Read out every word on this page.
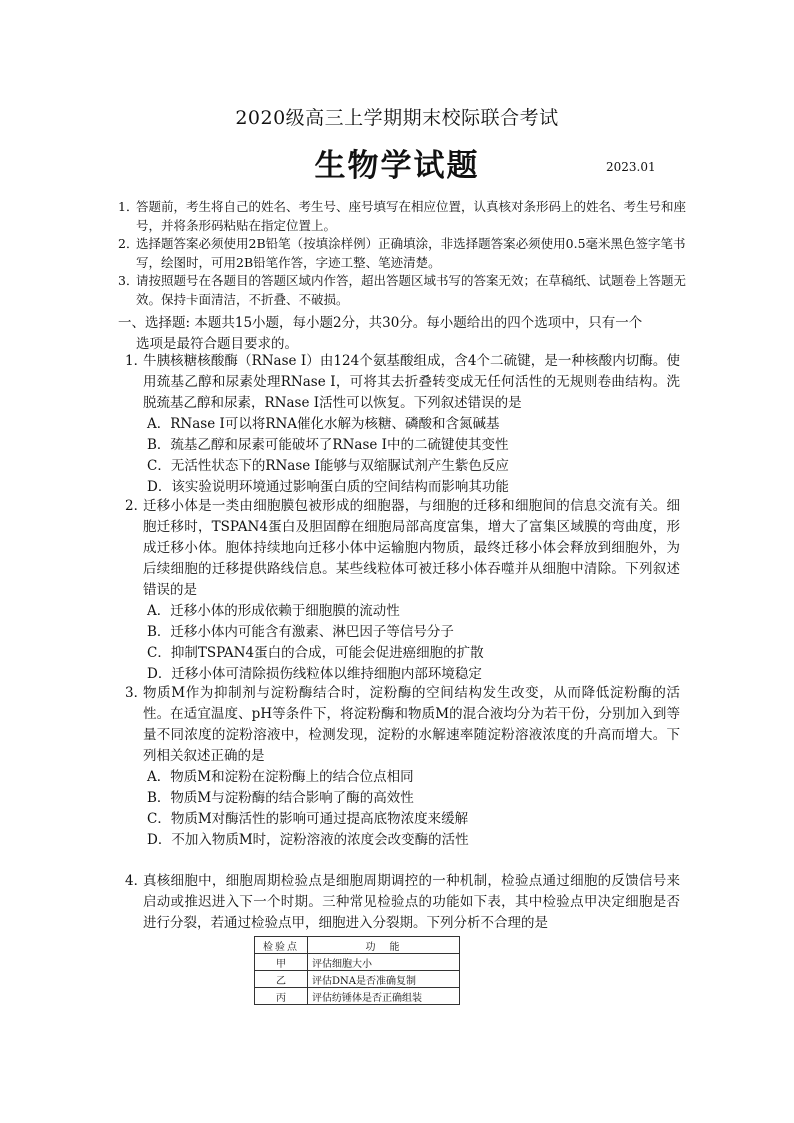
2020级高三上学期期末校际联合考试
生物学试题	2023.01

1．
答题前，考生将自己的姓名、考生号、座号填写在相应位置，认真核对条形码上的姓名、考生号和座号，并将条形码粘贴在指定位置上。

2．
选择题答案必须使用2B铅笔（按填涂样例）正确填涂，非选择题答案必须使用0.5毫米黑色签字笔书写，绘图时，可用2B铅笔作答，字迹工整、笔迹清楚。

3．
请按照题号在各题目的答题区域内作答，超出答题区域书写的答案无效；在草稿纸、试题卷上答题无效。保持卡面清洁，不折叠、不破损。

一、选择题: 本题共15小题，每小题2分，共30分。每小题给出的四个选项中，只有一个
选项是最符合题目要求的。
1．

牛胰核糖核酸酶（RNase I）由124个氨基酸组成，含4个二硫键，是一种核酸内切酶。使用巯基乙醇和尿素处理RNase I，可将其去折叠转变成无任何活性的无规则卷曲结构。洗脱巯基乙醇和尿素，RNase I活性可以恢复。下列叙述错误的是

A．RNase I可以将RNA催化水解为核糖、磷酸和含氮碱基

B．巯基乙醇和尿素可能破坏了RNase I中的二硫键使其变性

C．无活性状态下的RNase I能够与双缩脲试剂产生紫色反应

D．该实验说明环境通过影响蛋白质的空间结构而影响其功能

2．

迁移小体是一类由细胞膜包被形成的细胞器，与细胞的迁移和细胞间的信息交流有关。细胞迁移时，TSPAN4蛋白及胆固醇在细胞局部高度富集，增大了富集区域膜的弯曲度，形成迁移小体。胞体持续地向迁移小体中运输胞内物质，最终迁移小体会释放到细胞外，为后续细胞的迁移提供路线信息。某些线粒体可被迁移小体吞噬并从细胞中清除。下列叙述错误的是

A．迁移小体的形成依赖于细胞膜的流动性

B．迁移小体内可能含有激素、淋巴因子等信号分子

C．抑制TSPAN4蛋白的合成，可能会促进癌细胞的扩散

D．迁移小体可清除损伤线粒体以维持细胞内部环境稳定

3．

物质M作为抑制剂与淀粉酶结合时，淀粉酶的空间结构发生改变，从而降低淀粉酶的活性。在适宜温度、pH等条件下，将淀粉酶和物质M的混合液均分为若干份，分别加入到等量不同浓度的淀粉溶液中，检测发现，淀粉的水解速率随淀粉溶液浓度的升高而增大。下列相关叙述正确的是

A．物质M和淀粉在淀粉酶上的结合位点相同

B．物质M与淀粉酶的结合影响了酶的高效性

C．物质M对酶活性的影响可通过提高底物浓度来缓解

D．不加入物质M时，淀粉溶液的浓度会改变酶的活性

4．

真核细胞中，细胞周期检验点是细胞周期调控的一种机制，检验点通过细胞的反馈信号来启动或推迟进入下一个时期。三种常见检验点的功能如下表，其中检验点甲决定细胞是否进行分裂，若通过检验点甲，细胞进入分裂期。下列分析不合理的是

检验点	功　能
甲	评估细胞大小
乙	评估DNA是否准确复制
丙	评估纺锤体是否正确组装
